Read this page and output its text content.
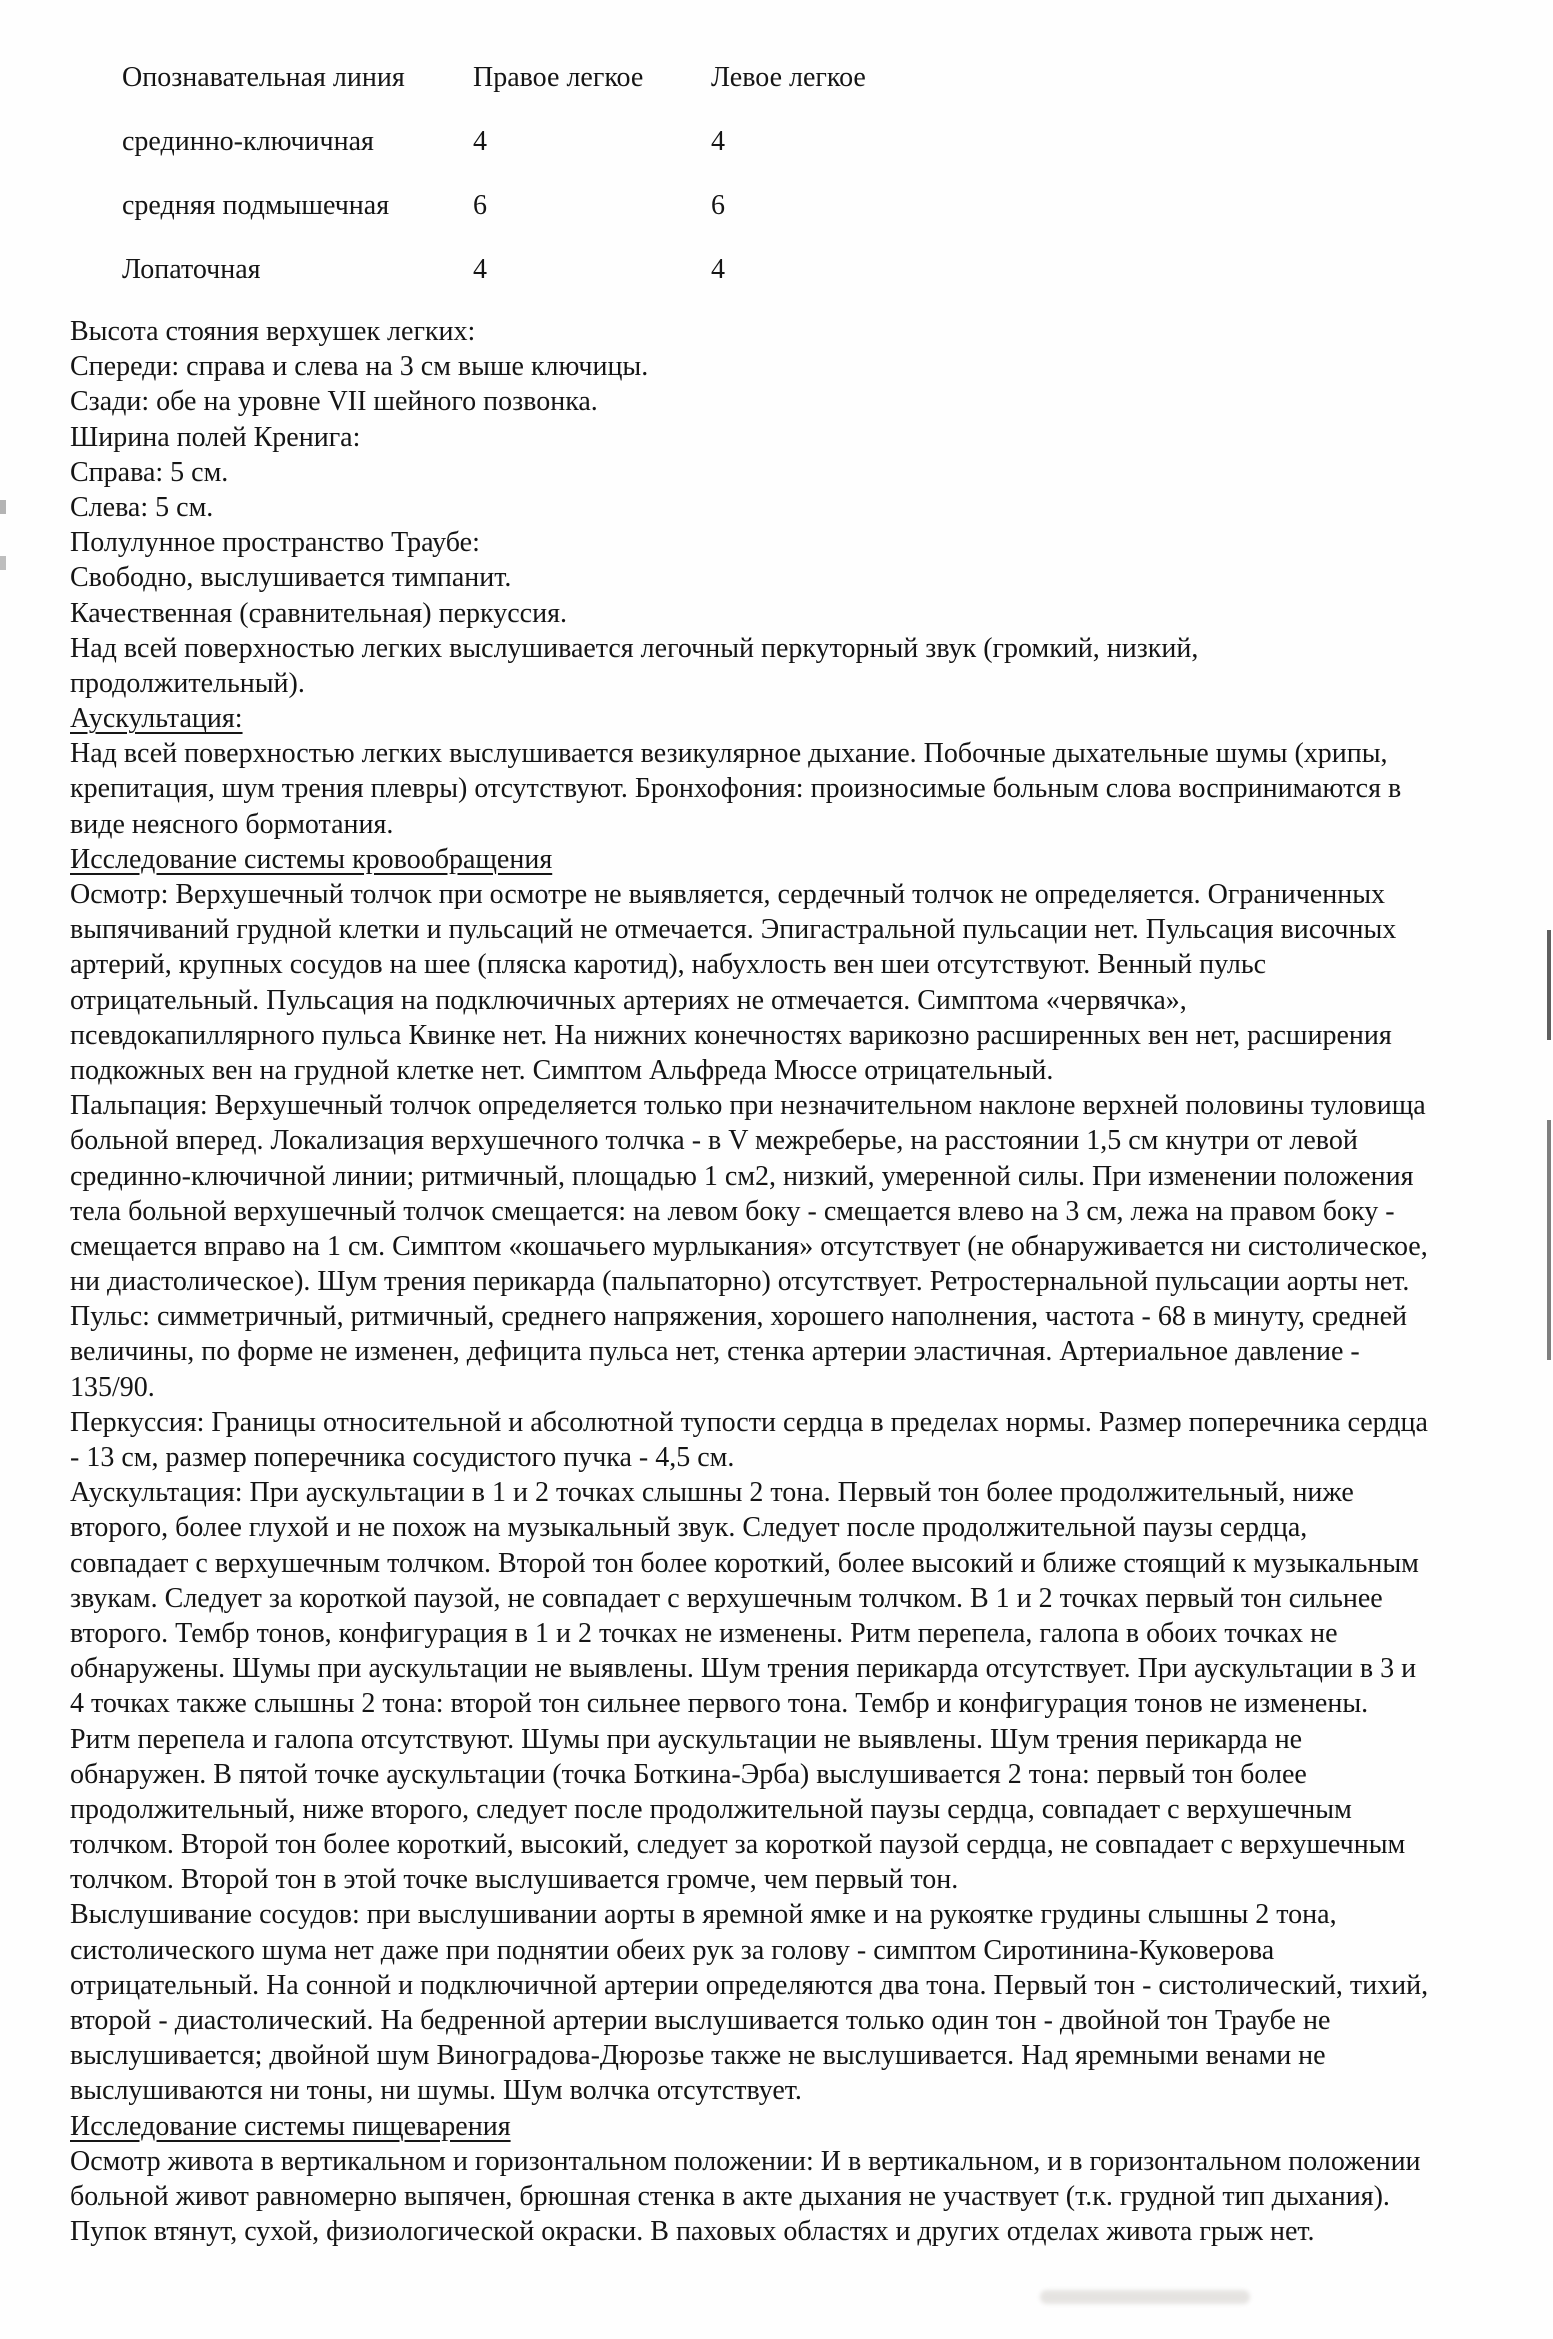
Опознавательная линия	Правое легкое	Левое легкое
срединно-ключичная	4	4
средняя подмышечная	6	6
Лопаточная	4	4
Высота стояния верхушек легких:
Спереди: справа и слева на 3 см выше ключицы.
Сзади: обе на уровне VII шейного позвонка.
Ширина полей Кренига:
Справа: 5 см.
Слева: 5 см.
Полулунное пространство Траубе:
Свободно, выслушивается тимпанит.
Качественная (сравнительная) перкуссия.
Над всей поверхностью легких выслушивается легочный перкуторный звук (громкий, низкий,
продолжительный).
Аускультация:
Над всей поверхностью легких выслушивается везикулярное дыхание. Побочные дыхательные шумы (хрипы,
крепитация, шум трения плевры) отсутствуют. Бронхофония: произносимые больным слова воспринимаются в
виде неясного бормотания.
Исследование системы кровообращения
Осмотр: Верхушечный толчок при осмотре не выявляется, сердечный толчок не определяется. Ограниченных
выпячиваний грудной клетки и пульсаций не отмечается. Эпигастральной пульсации нет. Пульсация височных
артерий, крупных сосудов на шее (пляска каротид), набухлость вен шеи отсутствуют. Венный пульс
отрицательный. Пульсация на подключичных артериях не отмечается. Симптома «червячка»,
псевдокапиллярного пульса Квинке нет. На нижних конечностях варикозно расширенных вен нет, расширения
подкожных вен на грудной клетке нет. Симптом Альфреда Мюссе отрицательный.
Пальпация: Верхушечный толчок определяется только при незначительном наклоне верхней половины туловища
больной вперед. Локализация верхушечного толчка - в V межреберье, на расстоянии 1,5 см кнутри от левой
срединно-ключичной линии; ритмичный, площадью 1 см2, низкий, умеренной силы. При изменении положения
тела больной верхушечный толчок смещается: на левом боку - смещается влево на 3 см, лежа на правом боку -
смещается вправо на 1 см. Симптом «кошачьего мурлыкания» отсутствует (не обнаруживается ни систолическое,
ни диастолическое). Шум трения перикарда (пальпаторно) отсутствует. Ретростернальной пульсации аорты нет.
Пульс: симметричный, ритмичный, среднего напряжения, хорошего наполнения, частота - 68 в минуту, средней
величины, по форме не изменен, дефицита пульса нет, стенка артерии эластичная. Артериальное давление -
135/90.
Перкуссия: Границы относительной и абсолютной тупости сердца в пределах нормы. Размер поперечника сердца
- 13 см, размер поперечника сосудистого пучка - 4,5 см.
Аускультация: При аускультации в 1 и 2 точках слышны 2 тона. Первый тон более продолжительный, ниже
второго, более глухой и не похож на музыкальный звук. Следует после продолжительной паузы сердца,
совпадает с верхушечным толчком. Второй тон более короткий, более высокий и ближе стоящий к музыкальным
звукам. Следует за короткой паузой, не совпадает с верхушечным толчком. В 1 и 2 точках первый тон сильнее
второго. Тембр тонов, конфигурация в 1 и 2 точках не изменены. Ритм перепела, галопа в обоих точках не
обнаружены. Шумы при аускультации не выявлены. Шум трения перикарда отсутствует. При аускультации в 3 и
4 точках также слышны 2 тона: второй тон сильнее первого тона. Тембр и конфигурация тонов не изменены.
Ритм перепела и галопа отсутствуют. Шумы при аускультации не выявлены. Шум трения перикарда не
обнаружен. В пятой точке аускультации (точка Боткина-Эрба) выслушивается 2 тона: первый тон более
продолжительный, ниже второго, следует после продолжительной паузы сердца, совпадает с верхушечным
толчком. Второй тон более короткий, высокий, следует за короткой паузой сердца, не совпадает с верхушечным
толчком. Второй тон в этой точке выслушивается громче, чем первый тон.
Выслушивание сосудов: при выслушивании аорты в яремной ямке и на рукоятке грудины слышны 2 тона,
систолического шума нет даже при поднятии обеих рук за голову - симптом Сиротинина-Куковерова
отрицательный. На сонной и подключичной артерии определяются два тона. Первый тон - систолический, тихий,
второй - диастолический. На бедренной артерии выслушивается только один тон - двойной тон Траубе не
выслушивается; двойной шум Виноградова-Дюрозье также не выслушивается. Над яремными венами не
выслушиваются ни тоны, ни шумы. Шум волчка отсутствует.
Исследование системы пищеварения
Осмотр живота в вертикальном и горизонтальном положении: И в вертикальном, и в горизонтальном положении
больной живот равномерно выпячен, брюшная стенка в акте дыхания не участвует (т.к. грудной тип дыхания).
Пупок втянут, сухой, физиологической окраски. В паховых областях и других отделах живота грыж нет.
